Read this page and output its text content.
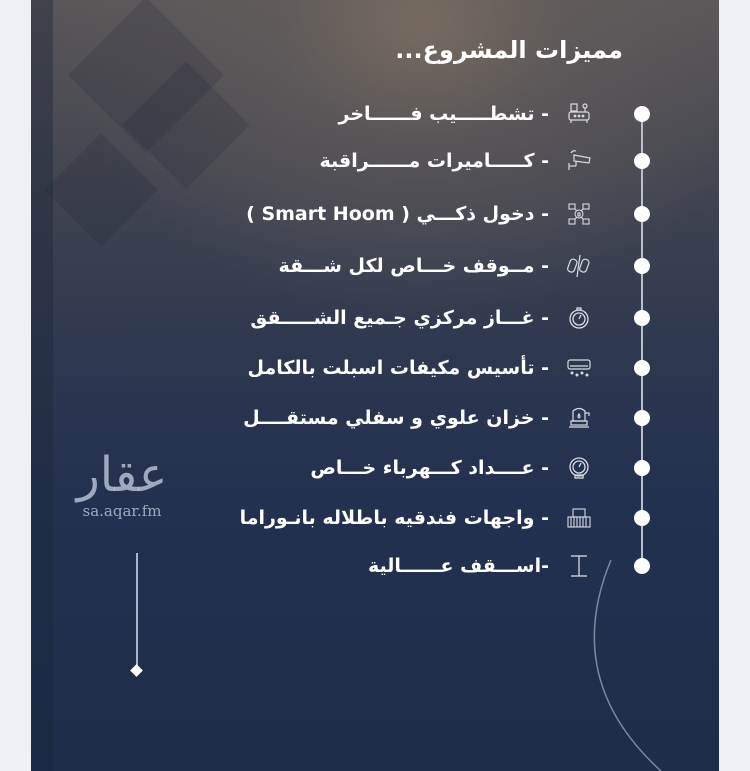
مميزات المشروع...
- تشطـــــيب فــــــاخر
- كـــــاميرات مــــــراقبة
- دخول ذكـــي ( Smart Hoom )
- مــوقف خـــاص لكل شـــقة
- غـــاز مركزي جـميع الشـــــقق
- تأسيس مكيفات اسبلت بالكامل
- خزان علوي و سفلي مستقــــل
- عــــداد كـــهرباء خـــاص
- واجهات فندقيه باطلاله بانـوراما
-اســـقف عــــــالية
عقار
sa.aqar.fm
